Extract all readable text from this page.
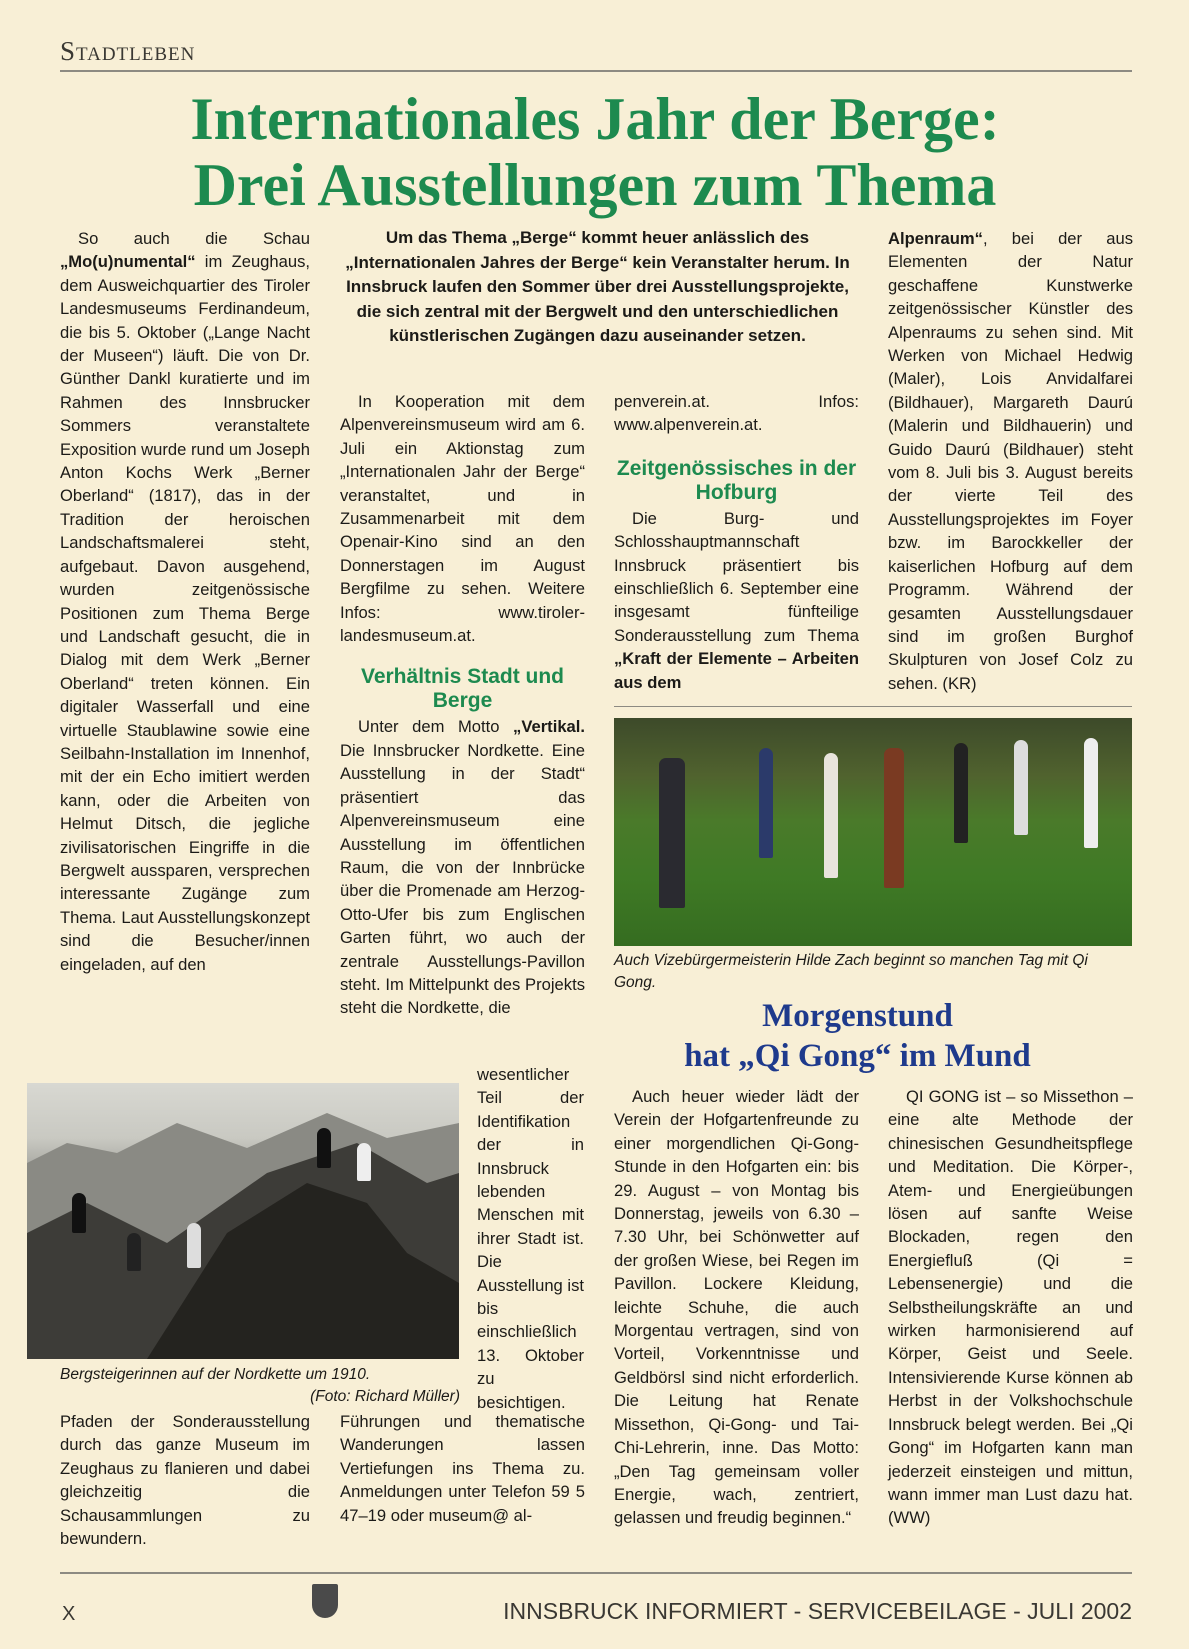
Stadtleben
Internationales Jahr der Berge:
Drei Ausstellungen zum Thema

Um das Thema „Berge“ kommt heuer anlässlich des „Internationalen Jahres der Berge“ kein Veranstalter herum. In Innsbruck laufen den Sommer über drei Ausstellungsprojekte, die sich zentral mit der Bergwelt und den unterschiedlichen künstlerischen Zugängen dazu auseinander setzen.

So auch die Schau „Mo(u)numental“ im Zeughaus, dem Ausweichquartier des Tiroler Landesmuseums Ferdinandeum, die bis 5. Oktober („Lange Nacht der Museen“) läuft. Die von Dr. Günther Dankl kuratierte und im Rahmen des Innsbrucker Sommers veranstaltete Exposition wurde rund um Joseph Anton Kochs Werk „Berner Oberland“ (1817), das in der Tradition der heroischen Landschaftsmalerei steht, aufgebaut. Davon ausgehend, wurden zeitgenössische Positionen zum Thema Berge und Landschaft gesucht, die in Dialog mit dem Werk „Berner Oberland“ treten können. Ein digitaler Wasserfall und eine virtuelle Staublawine sowie eine Seilbahn-Installation im Innenhof, mit der ein Echo imitiert werden kann, oder die Arbeiten von Helmut Ditsch, die jegliche zivilisatorischen Eingriffe in die Bergwelt aussparen, versprechen interessante Zugänge zum Thema. Laut Ausstellungskonzept sind die Besucher/innen eingeladen, auf den

In Kooperation mit dem Alpenvereinsmuseum wird am 6. Juli ein Aktionstag zum „Internationalen Jahr der Berge“ veranstaltet, und in Zusammenarbeit mit dem Openair-Kino sind an den Donnerstagen im August Bergfilme zu sehen. Weitere Infos: www.tiroler-landesmuseum.at.

Verhältnis Stadt und Berge

Unter dem Motto „Vertikal. Die Innsbrucker Nordkette. Eine Ausstellung in der Stadt“ präsentiert das Alpenvereinsmuseum eine Ausstellung im öffentlichen Raum, die von der Innbrücke über die Promenade am Herzog-Otto-Ufer bis zum Englischen Garten führt, wo auch der zentrale Ausstellungs-Pavillon steht. Im Mittelpunkt des Projekts steht die Nordkette, die

wesentlicher Teil der Identifikation der in Innsbruck lebenden Menschen mit ihrer Stadt ist. Die Ausstellung ist bis einschließlich 13. Oktober zu besichtigen.

Führungen und thematische Wanderungen lassen Vertiefungen ins Thema zu. Anmeldungen unter Telefon 59 5 47–19 oder museum@ al-

penverein.at. Infos: www.alpenverein.at.

Zeitgenössisches in der Hofburg

Die Burg- und Schlosshauptmannschaft Innsbruck präsentiert bis einschließlich 6. September eine insgesamt fünfteilige Sonderausstellung zum Thema „Kraft der Elemente – Arbeiten aus dem

Alpenraum“, bei der aus Elementen der Natur geschaffene Kunstwerke zeitgenössischer Künstler des Alpenraums zu sehen sind. Mit Werken von Michael Hedwig (Maler), Lois Anvidalfarei (Bildhauer), Margareth Daurú (Malerin und Bildhauerin) und Guido Daurú (Bildhauer) steht vom 8. Juli bis 3. August bereits der vierte Teil des Ausstellungsprojektes im Foyer bzw. im Barockkeller der kaiserlichen Hofburg auf dem Programm. Während der gesamten Ausstellungsdauer sind im großen Burghof Skulpturen von Josef Colz zu sehen. (KR)

Auch Vizebürgermeisterin Hilde Zach beginnt so manchen Tag mit Qi Gong.
Morgenstund
hat „Qi Gong“ im Mund

Auch heuer wieder lädt der Verein der Hofgartenfreunde zu einer morgendlichen Qi-Gong-Stunde in den Hofgarten ein: bis 29. August – von Montag bis Donnerstag, jeweils von 6.30 – 7.30 Uhr, bei Schönwetter auf der großen Wiese, bei Regen im Pavillon. Lockere Kleidung, leichte Schuhe, die auch Morgentau vertragen, sind von Vorteil, Vorkenntnisse und Geldbörsl sind nicht erforderlich. Die Leitung hat Renate Missethon, Qi-Gong- und Tai-Chi-Lehrerin, inne. Das Motto: „Den Tag gemeinsam voller Energie, wach, zentriert, gelassen und freudig beginnen.“

QI GONG ist – so Missethon – eine alte Methode der chinesischen Gesundheitspflege und Meditation. Die Körper-, Atem- und Energieübungen lösen auf sanfte Weise Blockaden, regen den Energiefluß (Qi = Lebensenergie) und die Selbstheilungskräfte an und wirken harmonisierend auf Körper, Geist und Seele. Intensivierende Kurse können ab Herbst in der Volkshochschule Innsbruck belegt werden. Bei „Qi Gong“ im Hofgarten kann man jederzeit einsteigen und mittun, wann immer man Lust dazu hat. (WW)

Bergsteigerinnen auf der Nordkette um 1910.
(Foto: Richard Müller)

Pfaden der Sonderausstellung durch das ganze Museum im Zeughaus zu flanieren und dabei gleichzeitig die Schausammlungen zu bewundern.

X	INNSBRUCK INFORMIERT - SERVICEBEILAGE - JULI 2002
